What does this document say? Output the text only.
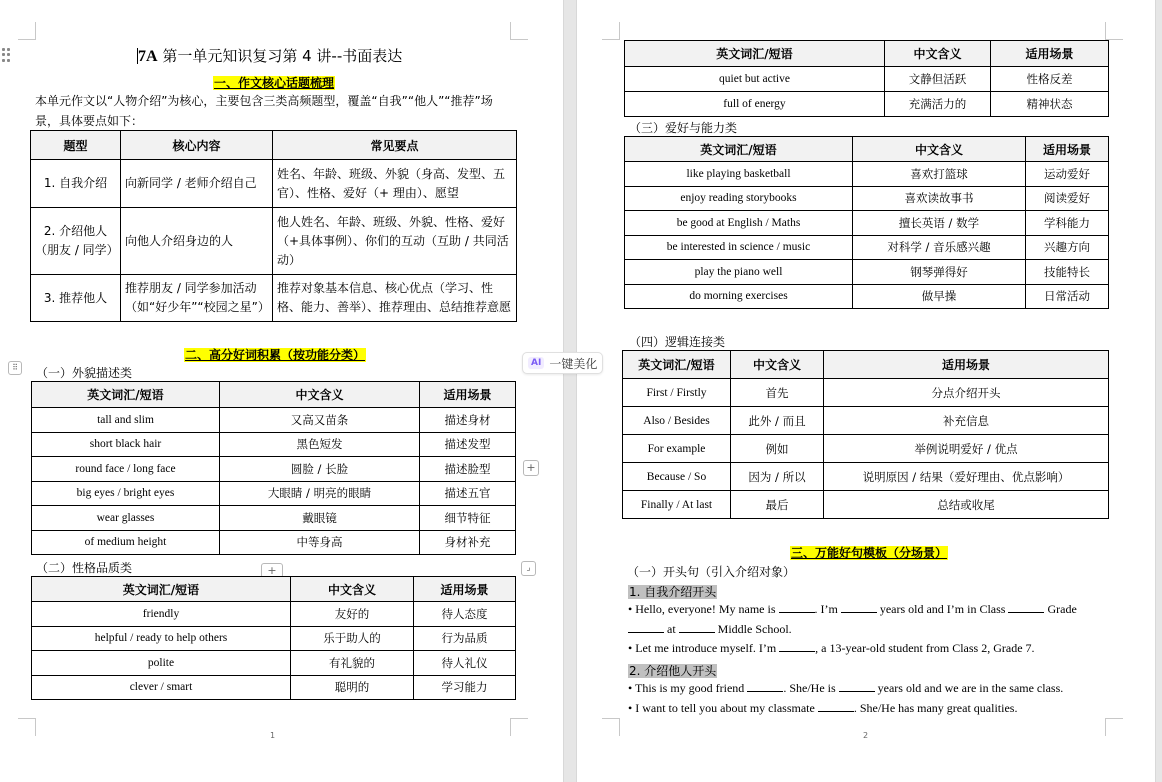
7A 第一单元知识复习第 4 讲--书面表达
一、作文核心话题梳理
本单元作文以“人物介绍”为核心，主要包含三类高频题型，覆盖“自我”“他人”“推荐”场景，具体要点如下：
题型	核心内容	常见要点
1. 自我介绍	向新同学 / 老师介绍自己	姓名、年龄、班级、外貌（身高、发型、五官）、性格、爱好（+ 理由）、愿望
2. 介绍他人（朋友 / 同学）	向他人介绍身边的人	他人姓名、年龄、班级、外貌、性格、爱好（+具体事例）、你们的互动（互助 / 共同活动）
3. 推荐他人	推荐朋友 / 同学参加活动（如“好少年”“校园之星”）	推荐对象基本信息、核心优点（学习、性格、能力、善举）、推荐理由、总结推荐意愿
二、高分好词积累（按功能分类）
⠿	（一）外貌描述类
英文词汇/短语	中文含义	适用场景
tall and slim	又高又苗条	描述身材
short black hair	黑色短发	描述发型
round face / long face	圆脸 / 长脸	描述脸型
big eyes / bright eyes	大眼睛 / 明亮的眼睛	描述五官
wear glasses	戴眼镜	细节特征
of medium height	中等身高	身材补充
+
（二）性格品质类	+	⌟
英文词汇/短语	中文含义	适用场景
friendly	友好的	待人态度
helpful / ready to help others	乐于助人的	行为品质
polite	有礼貌的	待人礼仪
clever / smart	聪明的	学习能力
1
AI 一键美化
英文词汇/短语	中文含义	适用场景
quiet but active	文静但活跃	性格反差
full of energy	充满活力的	精神状态
（三）爱好与能力类
英文词汇/短语	中文含义	适用场景
like playing basketball	喜欢打篮球	运动爱好
enjoy reading storybooks	喜欢读故事书	阅读爱好
be good at English / Maths	擅长英语 / 数学	学科能力
be interested in science / music	对科学 / 音乐感兴趣	兴趣方向
play the piano well	钢琴弹得好	技能特长
do morning exercises	做早操	日常活动
（四）逻辑连接类
英文词汇/短语	中文含义	适用场景
First / Firstly	首先	分点介绍开头
Also / Besides	此外 / 而且	补充信息
For example	例如	举例说明爱好 / 优点
Because / So	因为 / 所以	说明原因 / 结果（爱好理由、优点影响）
Finally / At last	最后	总结或收尾
三、万能好句模板（分场景）
（一）开头句（引入介绍对象）
1. 自我介绍开头
• Hello, everyone! My name is	. I’m	years old and I’m in Class	Grade
at	Middle School.
• Let me introduce myself. I’m	, a 13-year-old student from Class 2, Grade 7.
2. 介绍他人开头
• This is my good friend	. She/He is	years old and we are in the same class.
• I want to tell you about my classmate	. She/He has many great qualities.
2
